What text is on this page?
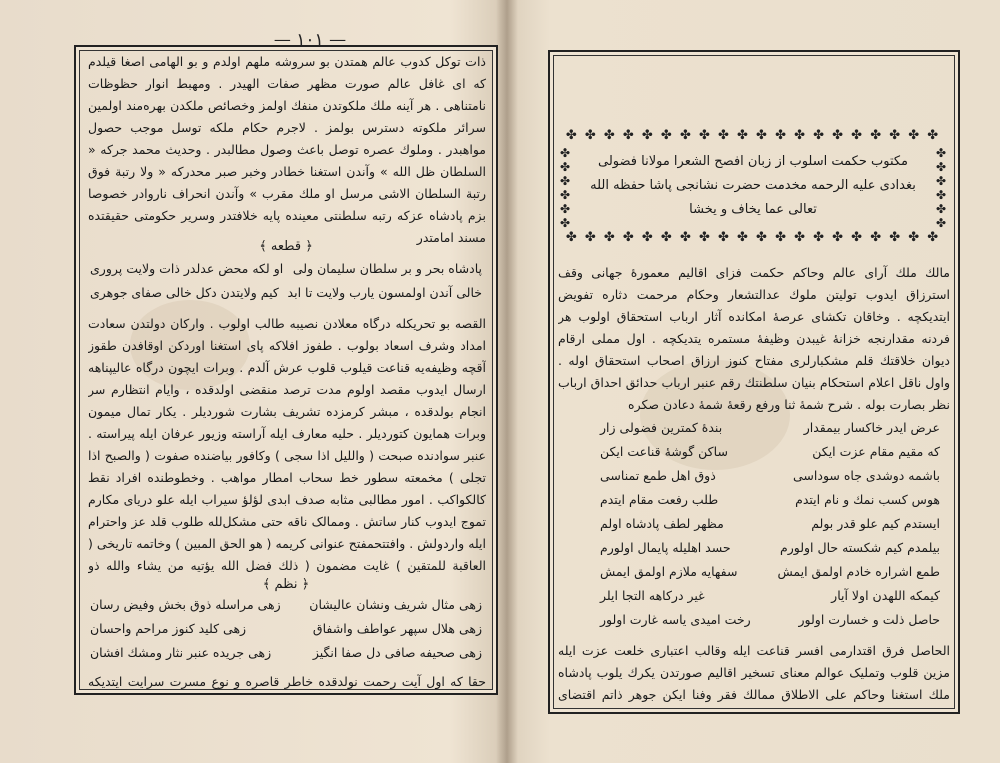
— ۱۰۱ —
ذات توکل کدوب عالم همتدن بو سروشه ملهم اولدم و بو الهامی اصغا قیلدم که ای غافل عالم صورت مظهر صفات الهیدر . ومهبط انوار حظوظات نامتناهی . هر آینه ملك ملکوتدن منفك اولمز وخصائص ملکدن بهره‌مند اولمین سرائر ملکوته دسترس بولمز . لاجرم حکام ملکه توسل موجب حصول مواهبدر . وملوك عصره توصل باعث وصول مطالبدر . وحدیث محمد جرکه « السلطان ظل الله » وآندن استغنا خطادر وخبر صبر محدرکه « ولا رتبة فوق رتبة السلطان الاشی مرسل او ملك مقرب » وآندن انحراف ناروادر خصوصا بزم پادشاه عزکه رتبه سلطنتی معینده پایه خلافتدر وسریر حکومتی حقیقتده مسند امامتدر
﴿ قطعه ﴾
پادشاه بحر و بر سلطان سلیمان ولی
او لکه محض عدلدر ذات ولایت پروری
خالی آندن اولمسون یارب ولایت تا ابد
کیم ولایتدن دکل خالی صفای جوهری
القصه بو تحریکله درگاه معلادن نصیبه طالب اولوب . وارکان دولتدن سعادت امداد وشرف اسعاد بولوب . طفوز افلاکه پای استغنا اوردکن اوقافدن طقوز آقچه وظیفه‌یه قناعت قیلوب قلوب عرش آلدم . وبرات ایچون درگاه عالیپناهه ارسال ایدوب مقصد اولوم مدت ترصد منقضی اولدقده ، وایام انتظارم سر انجام بولدقده ، مبشر کرمزده تشریف بشارت شوردیلر . یکار تمال میمون وبرات همایون کتوردیلر . حلیه معارف ایله آراسته وزیور عرفان ایله پیراسته . عنبر سوادنده صبحت ( واللیل اذا سجی ) وکافور بیاضنده صفوت ( والصبح اذا تجلی ) مخمعته سطور خط سحاب امطار مواهب . وخطوطنده افراد نقط کالکواکب . امور مطالبی مثابه صدف ابدی لؤلؤ سیراب ایله علو دریای مکارم تموج ایدوب کنار ساتش . وممالک ناقه حتی مشکل‌لله طلوب قلد عز واحترام ایله واردولش . وافتتحمفتح عنوانی کریمه ( هو الحق المبین ) وخاتمه تاریخی ( العاقبة للمتقین ) غایت مضمون ( ذلك فضل الله یؤتیه من یشاء والله ذو
﴿ نظم ﴾
زهی مثال شریف ونشان عالیشان
زهی مراسله ذوق بخش وفیض رسان
زهی هلال سپهر عواطف واشفاق
زهی کلید کنوز مراحم واحسان
زهی صحیفه صافی دل صفا انگیز
زهی جریده عنبر نثار ومشك افشان
حقا که اول آیت رحمت نولدقده خاطر قاصره و نوع مسرت سرایت ایتدیکه
✤ ✤ ✤ ✤ ✤ ✤ ✤ ✤ ✤ ✤ ✤ ✤ ✤ ✤ ✤ ✤ ✤ ✤ ✤ ✤
✤
✤
✤
✤
✤
✤
✤
✤
✤
✤
✤
✤
مکتوب حکمت اسلوب از زبان افصح الشعرا مولانا فضولی بغدادی علیه الرحمه مخدمت حضرت نشانجی پاشا حفظه الله تعالی عما یخاف و یخشا
✤ ✤ ✤ ✤ ✤ ✤ ✤ ✤ ✤ ✤ ✤ ✤ ✤ ✤ ✤ ✤ ✤ ✤ ✤ ✤
مالك ملك آرای عالم وحاکم حکمت فزای اقالیم معمورهٔ جهانی وقف استرزاق ایدوب تولیتن ملوك عدالتشعار وحکام مرحمت دثاره تفویض ایتدیکچه . وخاقان تکشای عرصهٔ امکانده آثار ارباب استحقاق اولوب هر فردنه مقدارنجه خزانهٔ غیبدن وظیفهٔ مستمره یتدیکچه . اول مملی ارقام دیوان خلاقتك قلم مشکبارلری مفتاح کنوز ارزاق اصحاب استحقاق اوله . واول ناقل اعلام استحکام بنیان سلطنتك رقم عنبر ارباب حدائق احداق ارباب نظر بصارت بوله . شرح شمهٔ ثنا ورفع رقعهٔ شمهٔ دعادن صکره
عرض ایدر خاکسار بیمقدار
بندهٔ کمترین فضولی زار
که مقیم مقام عزت ایکن
ساکن گوشهٔ قناعت ایکن
باشمه دوشدی جاه سوداسی
ذوق اهل طمع تمناسی
هوس کسب نمك و نام ایتدم
طلب رفعت مقام ایتدم
ایستدم کیم علو قدر بولم
مظهر لطف پادشاه اولم
بیلمدم کیم شکسته حال اولورم
حسد اهلیله پایمال اولورم
طمع اشراره خادم اولمق ایمش
سفهایه ملازم اولمق ایمش
کیمکه اللهدن اولا آیار
غیر درکاهه التجا ایلر
حاصل ذلت و خسارت اولور
رخت امیدی یاسه غارت اولور
الحاصل فرق اقتدارمی افسر قناعت ایله وقالب اعتباری خلعت عزت ایله مزین قلوب وتملیک عوالم معنای تسخیر اقالیم صورتدن یکرك یلوب پادشاه ملك استغنا وحاکم علی الاطلاق ممالك فقر وفنا ایکن جوهر ذاتم اقتضای
